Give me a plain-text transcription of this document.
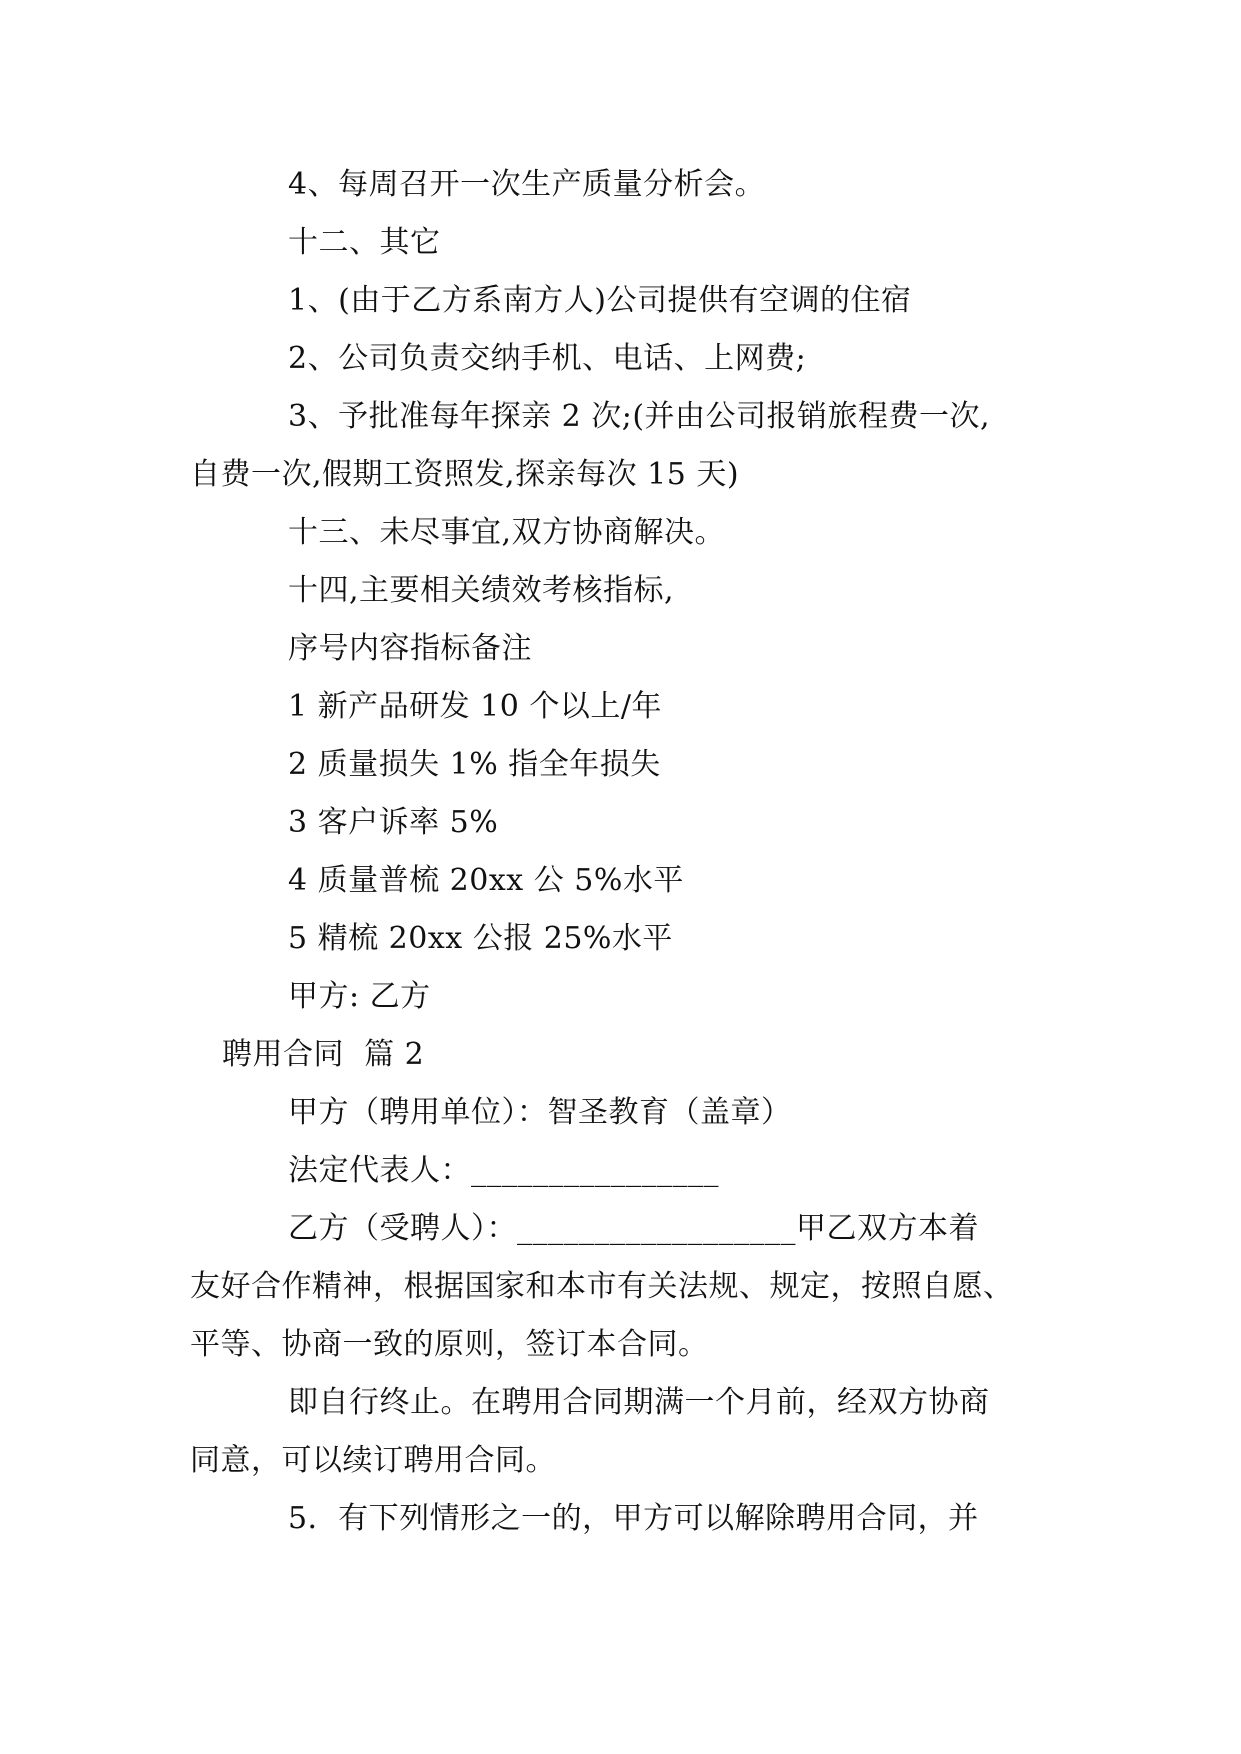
4、每周召开一次生产质量分析会。
十二、其它
1、(由于乙方系南方人)公司提供有空调的住宿
2、公司负责交纳手机、电话、上网费;
3、予批准每年探亲 2 次;(并由公司报销旅程费一次,
自费一次,假期工资照发,探亲每次 15 天)
十三、未尽事宜,双方协商解决。
十四,主要相关绩效考核指标,
序号内容指标备注
1 新产品研发 10 个以上/年
2 质量损失 1% 指全年损失
3 客户诉率 5%
4 质量普梳 20xx 公 5%水平
5 精梳 20xx 公报 25%水平
甲方: 乙方
聘用合同  篇 2
甲方（聘用单位）：智圣教育（盖章）
法定代表人：________________
乙方（受聘人）：__________________甲乙双方本着
友好合作精神，根据国家和本市有关法规、规定，按照自愿、
平等、协商一致的原则，签订本合同。
即自行终止。在聘用合同期满一个月前，经双方协商
同意，可以续订聘用合同。
5．有下列情形之一的，甲方可以解除聘用合同，并
